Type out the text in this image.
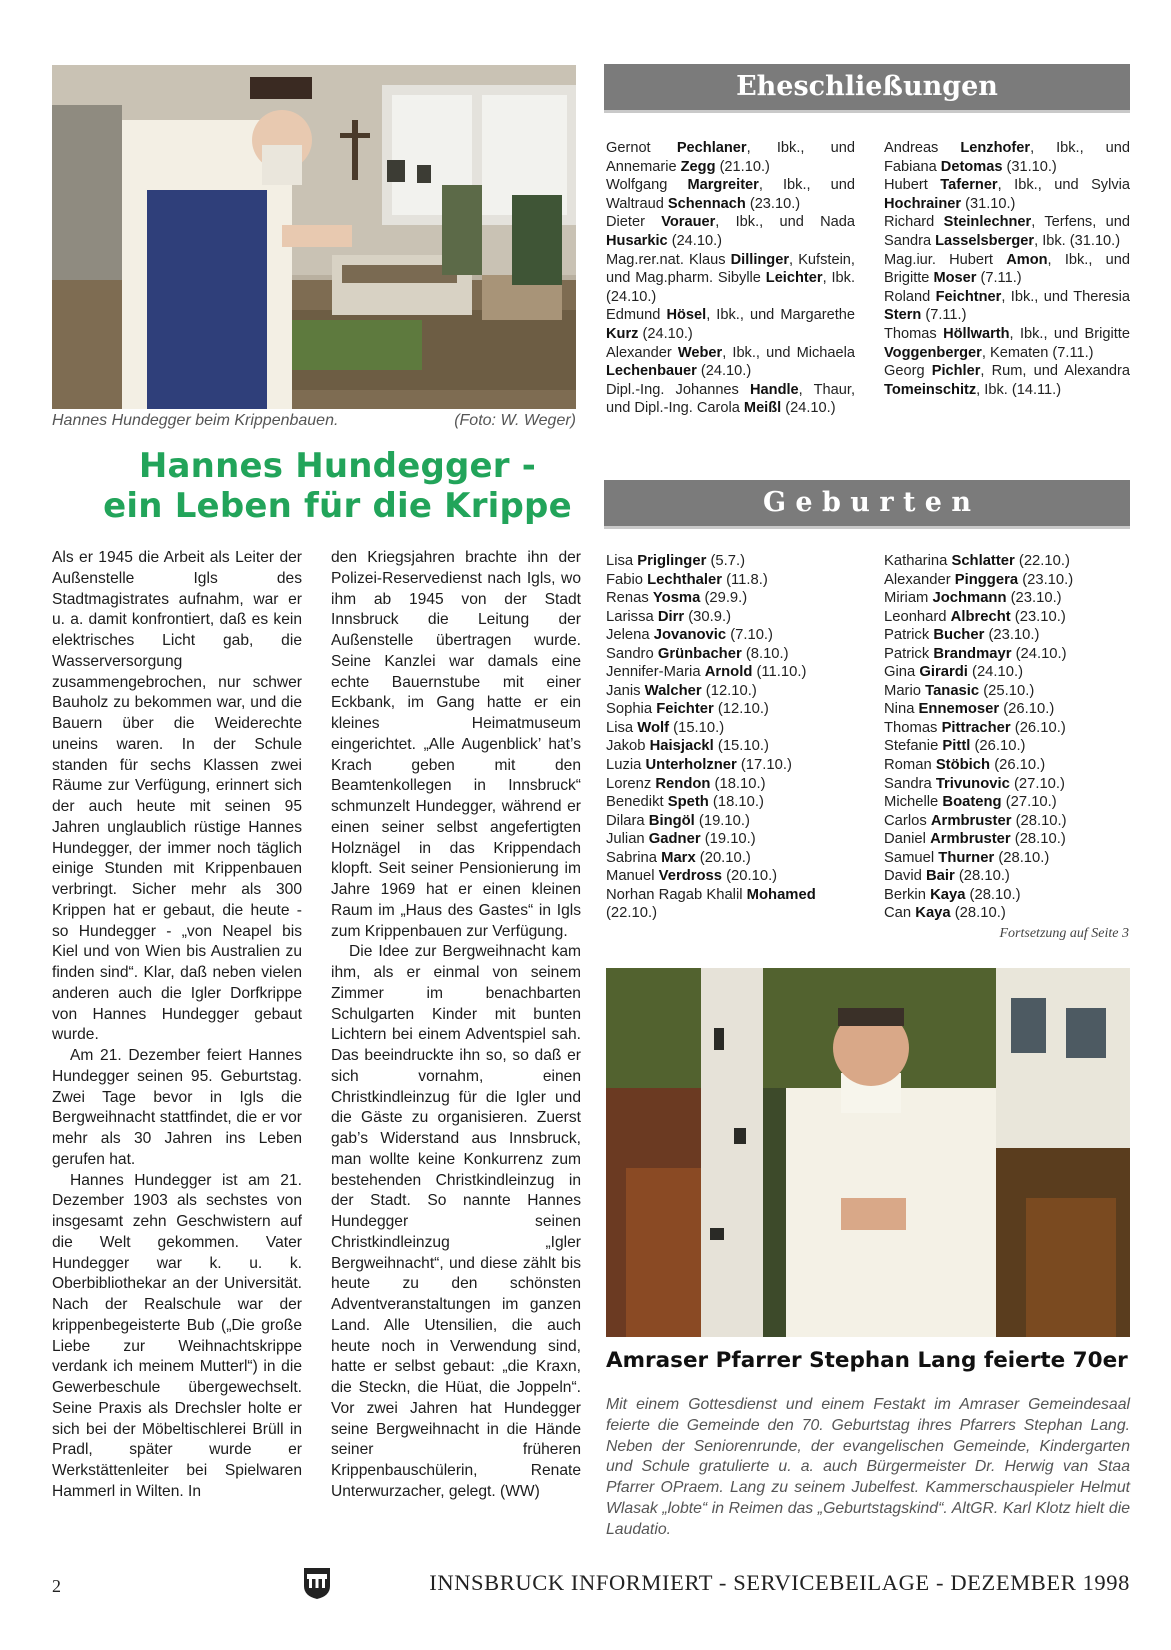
Hannes Hundegger beim Krippenbauen.	(Foto: W. Weger)
Hannes Hundegger -
ein Leben für die Krippe

Als er 1945 die Arbeit als Leiter der Außenstelle Igls des Stadtmagistrates aufnahm, war er u. a. damit konfrontiert, daß es kein elektrisches Licht gab, die Wasserversorgung zusammengebrochen, nur schwer Bauholz zu bekommen war, und die Bauern über die Weiderechte uneins waren. In der Schule standen für sechs Klassen zwei Räume zur Verfügung, erinnert sich der auch heute mit seinen 95 Jahren unglaublich rüstige Hannes Hundegger, der immer noch täglich einige Stunden mit Krippenbauen verbringt. Sicher mehr als 300 Krippen hat er gebaut, die heute - so Hundegger - „von Neapel bis Kiel und von Wien bis Australien zu finden sind“. Klar, daß neben vielen anderen auch die Igler Dorfkrippe von Hannes Hundegger gebaut wurde.

Am 21. Dezember feiert Hannes Hundegger seinen 95. Geburtstag. Zwei Tage bevor in Igls die Bergweihnacht stattfindet, die er vor mehr als 30 Jahren ins Leben gerufen hat.

Hannes Hundegger ist am 21. Dezember 1903 als sechstes von insgesamt zehn Geschwistern auf die Welt gekommen. Vater Hundegger war k. u. k. Oberbibliothekar an der Universität. Nach der Realschule war der krippenbegeisterte Bub („Die große Liebe zur Weihnachtskrippe verdank ich meinem Mutterl“) in die Gewerbeschule übergewechselt. Seine Praxis als Drechsler holte er sich bei der Möbeltischlerei Brüll in Pradl, später wurde er Werkstättenleiter bei Spielwaren Hammerl in Wilten. In

den Kriegsjahren brachte ihn der Polizei-Reservedienst nach Igls, wo ihm ab 1945 von der Stadt Innsbruck die Leitung der Außenstelle übertragen wurde. Seine Kanzlei war damals eine echte Bauernstube mit einer Eckbank, im Gang hatte er ein kleines Heimatmuseum eingerichtet. „Alle Augenblick’ hat’s Krach geben mit den Beamtenkollegen in Innsbruck“ schmunzelt Hundegger, während er einen seiner selbst angefertigten Holznägel in das Krippendach klopft. Seit seiner Pensionierung im Jahre 1969 hat er einen kleinen Raum im „Haus des Gastes“ in Igls zum Krippenbauen zur Verfügung.

Die Idee zur Bergweihnacht kam ihm, als er einmal von seinem Zimmer im benachbarten Schulgarten Kinder mit bunten Lichtern bei einem Adventspiel sah. Das beeindruckte ihn so, so daß er sich vornahm, einen Christkindleinzug für die Igler und die Gäste zu organisieren. Zuerst gab’s Widerstand aus Innsbruck, man wollte keine Konkurrenz zum bestehenden Christkindleinzug in der Stadt. So nannte Hannes Hundegger seinen Christkindleinzug „Igler Bergweihnacht“, und diese zählt bis heute zu den schönsten Adventveranstaltungen im ganzen Land. Alle Utensilien, die auch heute noch in Verwendung sind, hatte er selbst gebaut: „die Kraxn, die Steckn, die Hüat, die Joppeln“. Vor zwei Jahren hat Hundegger seine Bergweihnacht in die Hände seiner früheren Krippenbauschülerin, Renate Unterwurzacher, gelegt. (WW)

Eheschließungen
Gernot Pechlaner, Ibk., und Annemarie Zegg (21.10.)
Wolfgang Margreiter, Ibk., und Waltraud Schennach (23.10.)
Dieter Vorauer, Ibk., und Nada Husarkic (24.10.)
Mag.rer.nat. Klaus Dillinger, Kufstein, und Mag.pharm. Sibylle Leichter, Ibk. (24.10.)
Edmund Hösel, Ibk., und Margarethe Kurz (24.10.)
Alexander Weber, Ibk., und Michaela Lechenbauer (24.10.)
Dipl.-Ing. Johannes Handle, Thaur, und Dipl.-Ing. Carola Meißl (24.10.)
Andreas Lenzhofer, Ibk., und Fabiana Detomas (31.10.)
Hubert Taferner, Ibk., und Sylvia Hochrainer (31.10.)
Richard Steinlechner, Terfens, und Sandra Lasselsberger, Ibk. (31.10.)
Mag.iur. Hubert Amon, Ibk., und Brigitte Moser (7.11.)
Roland Feichtner, Ibk., und Theresia Stern (7.11.)
Thomas Höllwarth, Ibk., und Brigitte Voggenberger, Kematen (7.11.)
Georg Pichler, Rum, und Alexandra Tomeinschitz, Ibk. (14.11.)
G e b u r t e n
Lisa Priglinger (5.7.)
Fabio Lechthaler (11.8.)
Renas Yosma (29.9.)
Larissa Dirr (30.9.)
Jelena Jovanovic (7.10.)
Sandro Grünbacher (8.10.)
Jennifer-Maria Arnold (11.10.)
Janis Walcher (12.10.)
Sophia Feichter (12.10.)
Lisa Wolf (15.10.)
Jakob Haisjackl (15.10.)
Luzia Unterholzner (17.10.)
Lorenz Rendon (18.10.)
Benedikt Speth (18.10.)
Dilara Bingöl (19.10.)
Julian Gadner (19.10.)
Sabrina Marx (20.10.)
Manuel Verdross (20.10.)
Norhan Ragab Khalil Mohamed (22.10.)
Katharina Schlatter (22.10.)
Alexander Pinggera (23.10.)
Miriam Jochmann (23.10.)
Leonhard Albrecht (23.10.)
Patrick Bucher (23.10.)
Patrick Brandmayr (24.10.)
Gina Girardi (24.10.)
Mario Tanasic (25.10.)
Nina Ennemoser (26.10.)
Thomas Pittracher (26.10.)
Stefanie Pittl (26.10.)
Roman Stöbich (26.10.)
Sandra Trivunovic (27.10.)
Michelle Boateng (27.10.)
Carlos Armbruster (28.10.)
Daniel Armbruster (28.10.)
Samuel Thurner (28.10.)
David Bair (28.10.)
Berkin Kaya (28.10.)
Can Kaya (28.10.)
Fortsetzung auf Seite 3
Amraser Pfarrer Stephan Lang feierte 70er
Mit einem Gottesdienst und einem Festakt im Amraser Gemeindesaal feierte die Gemeinde den 70. Geburtstag ihres Pfarrers Stephan Lang. Neben der Seniorenrunde, der evangelischen Gemeinde, Kindergarten und Schule gratulierte u. a. auch Bürgermeister Dr. Herwig van Staa Pfarrer OPraem. Lang zu seinem Jubelfest. Kammerschauspieler Helmut Wlasak „lobte“ in Reimen das „Geburtstagskind“. AltGR. Karl Klotz hielt die Laudatio.
2	INNSBRUCK INFORMIERT - SERVICEBEILAGE - DEZEMBER 1998
